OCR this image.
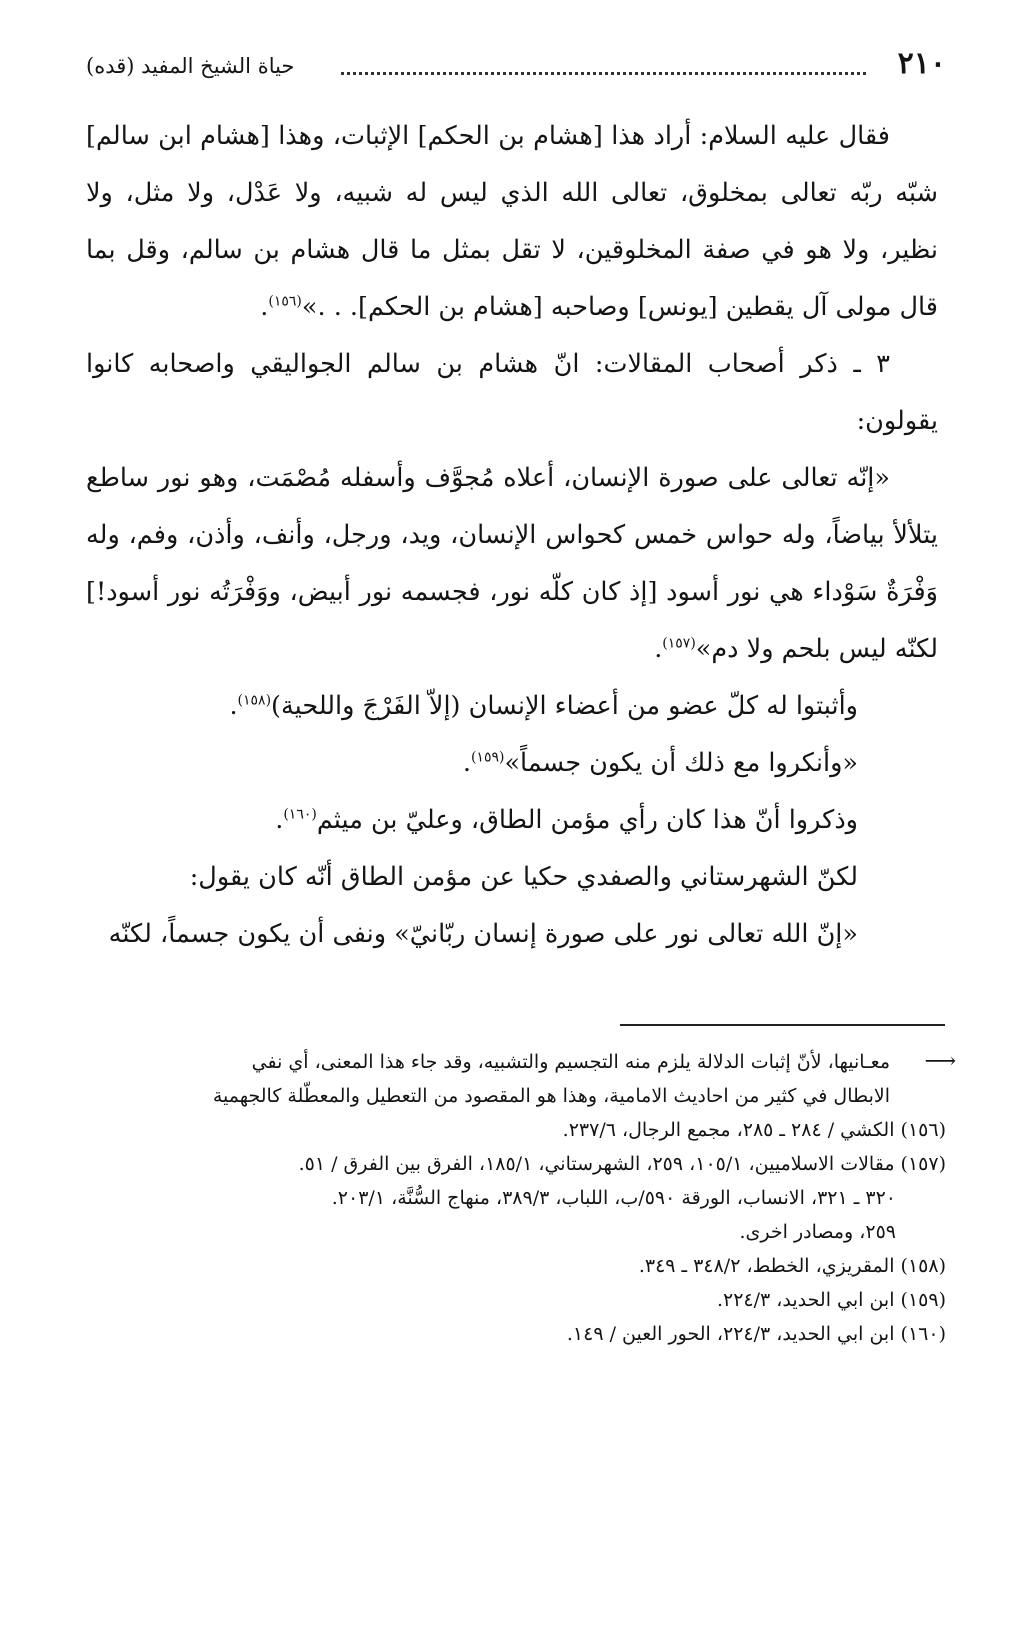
٢١٠
حياة الشيخ المفيد (قده)

فقال عليه السلام: أراد هذا [هشام بن الحكم] الإثبات، وهذا [هشام ابن سالم] شبّه ربّه تعالى بمخلوق، تعالى الله الذي ليس له شبيه، ولا عَدْل، ولا مثل، ولا نظير، ولا هو في صفة المخلوقين، لا تقل بمثل ما قال هشام بن سالم، وقل بما قال مولى آل يقطين [يونس] وصاحبه [هشام بن الحكم]. . .»$^{(١٥٦)}$.

٣ ـ ذكر أصحاب المقالات: انّ هشام بن سالم الجواليقي واصحابه كانوا يقولون:

«إنّه تعالى على صورة الإنسان، أعلاه مُجوَّف وأسفله مُصْمَت، وهو نور ساطع يتلألأ بياضاً، وله حواس خمس كحواس الإنسان، ويد، ورجل، وأنف، وأذن، وفم، وله وَفْرَةٌ سَوْداء هي نور أسود [إذ كان كلّه نور، فجسمه نور أبيض، ووَفْرَتُه نور أسود!] لكنّه ليس بلحم ولا دم»$^{(١٥٧)}$.

وأثبتوا له كلّ عضو من أعضاء الإنسان (إلاّ الفَرْجَ واللحية)$^{(١٥٨)}$.

«وأنكروا مع ذلك أن يكون جسماً»$^{(١٥٩)}$.

وذكروا أنّ هذا كان رأي مؤمن الطاق، وعليّ بن ميثم$^{(١٦٠)}$.

لكنّ الشهرستاني والصفدي حكيا عن مؤمن الطاق أنّه كان يقول:

«إنّ الله تعالى نور على صورة إنسان ربّانيّ» ونفى أن يكون جسماً، لكنّه

⟶
معـانيها، لأنّ إثبات الدلالة يلزم منه التجسيم والتشبيه، وقد جاء هذا المعنى، أي نفي

الابطال في كثير من احاديث الامامية، وهذا هو المقصود من التعطيل والمعطّلة كالجهمية

(١٥٦) الكشي / ٢٨٤ ـ ٢٨٥، مجمع الرجال، ٢٣٧/٦.

(١٥٧) مقالات الاسلاميين، ١٠٥/١، ٢٥٩، الشهرستاني، ١٨٥/١، الفرق بين الفرق / ٥١.

٣٢٠ ـ ٣٢١، الانساب، الورقة ٥٩٠/ب، اللباب، ٣٨٩/٣، منهاج السُّنَّة، ٢٠٣/١.

٢٥٩، ومصادر اخرى.

(١٥٨) المقريزي، الخطط، ٣٤٨/٢ ـ ٣٤٩.

(١٥٩) ابن ابي الحديد، ٢٢٤/٣.

(١٦٠) ابن ابي الحديد، ٢٢٤/٣، الحور العين / ١٤٩.
